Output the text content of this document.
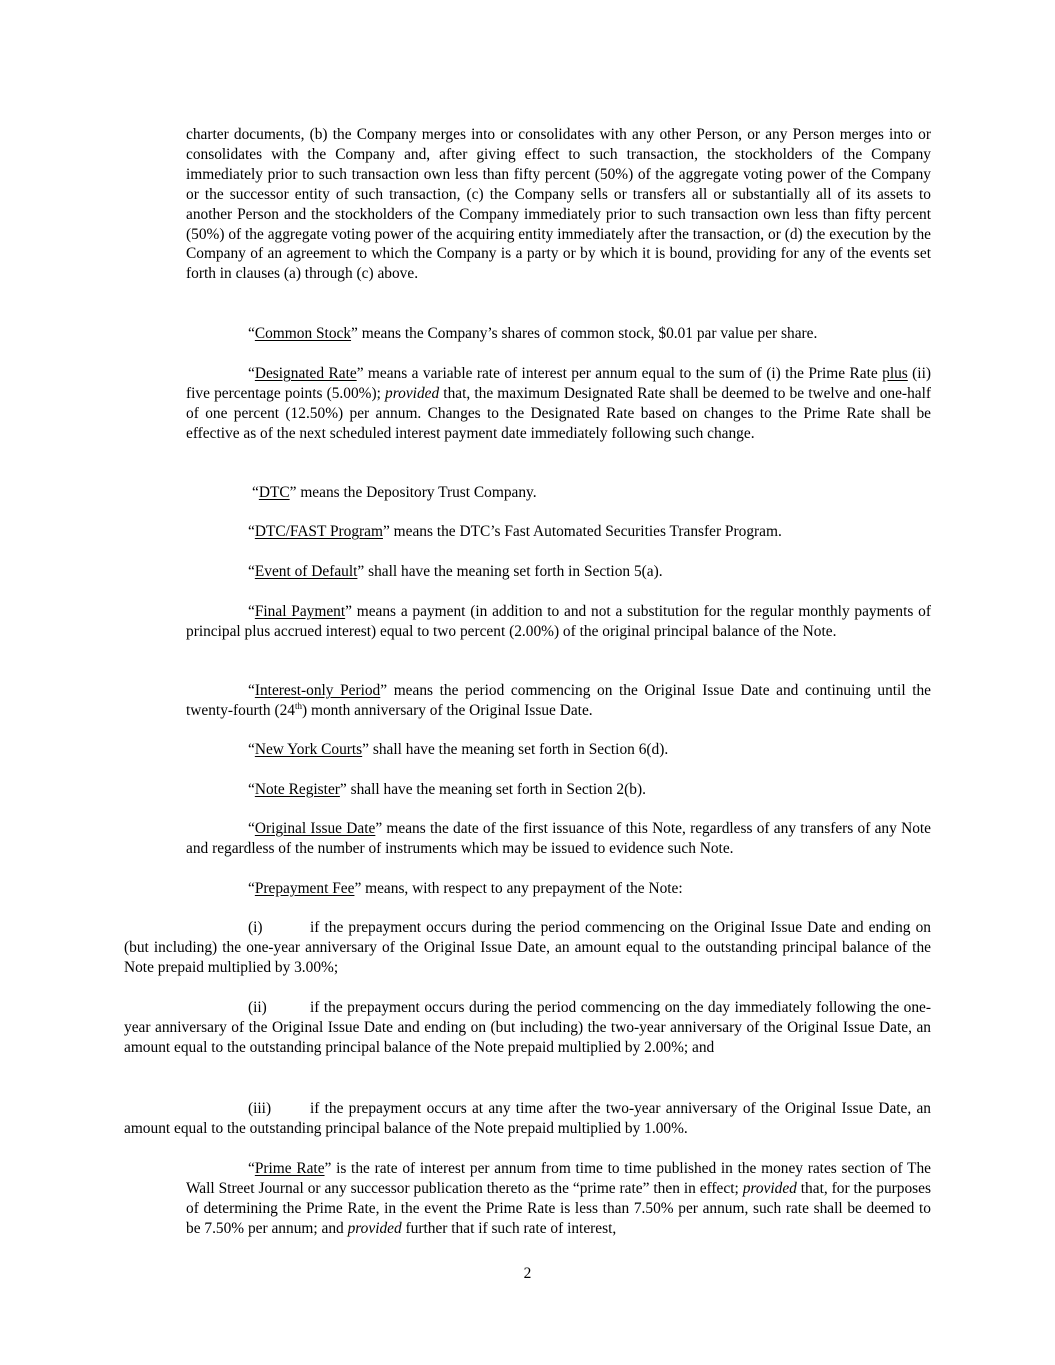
charter documents, (b) the Company merges into or consolidates with any other Person, or any Person merges into or consolidates with the Company and, after giving effect to such transaction, the stockholders of the Company immediately prior to such transaction own less than fifty percent (50%) of the aggregate voting power of the Company or the successor entity of such transaction, (c) the Company sells or transfers all or substantially all of its assets to another Person and the stockholders of the Company immediately prior to such transaction own less than fifty percent (50%) of the aggregate voting power of the acquiring entity immediately after the transaction, or (d) the execution by the Company of an agreement to which the Company is a party or by which it is bound, providing for any of the events set forth in clauses (a) through (c) above.

“Common Stock” means the Company’s shares of common stock, $0.01 par value per share.

“Designated Rate” means a variable rate of interest per annum equal to the sum of (i) the Prime Rate plus (ii) five percentage points (5.00%); provided that, the maximum Designated Rate shall be deemed to be twelve and one-half of one percent (12.50%) per annum. Changes to the Designated Rate based on changes to the Prime Rate shall be effective as of the next scheduled interest payment date immediately following such change.

“DTC” means the Depository Trust Company.

“DTC/FAST Program” means the DTC’s Fast Automated Securities Transfer Program.

“Event of Default” shall have the meaning set forth in Section 5(a).

“Final Payment” means a payment (in addition to and not a substitution for the regular monthly payments of principal plus accrued interest) equal to two percent (2.00%) of the original principal balance of the Note.

“Interest-only Period” means the period commencing on the Original Issue Date and continuing until the twenty-fourth (24th) month anniversary of the Original Issue Date.

“New York Courts” shall have the meaning set forth in Section 6(d).

“Note Register” shall have the meaning set forth in Section 2(b).

“Original Issue Date” means the date of the first issuance of this Note, regardless of any transfers of any Note and regardless of the number of instruments which may be issued to evidence such Note.

“Prepayment Fee” means, with respect to any prepayment of the Note:

(i)	if the prepayment occurs during the period commencing on the Original Issue Date and ending on (but including) the one-year anniversary of the Original Issue Date, an amount equal to the outstanding principal balance of the Note prepaid multiplied by 3.00%;

(ii)	if the prepayment occurs during the period commencing on the day immediately following the one-year anniversary of the Original Issue Date and ending on (but including) the two-year anniversary of the Original Issue Date, an amount equal to the outstanding principal balance of the Note prepaid multiplied by 2.00%; and

(iii)	if the prepayment occurs at any time after the two-year anniversary of the Original Issue Date, an amount equal to the outstanding principal balance of the Note prepaid multiplied by 1.00%.

“Prime Rate” is the rate of interest per annum from time to time published in the money rates section of The Wall Street Journal or any successor publication thereto as the “prime rate” then in effect; provided that, for the purposes of determining the Prime Rate, in the event the Prime Rate is less than 7.50% per annum, such rate shall be deemed to be 7.50% per annum; and provided further that if such rate of interest,

2
